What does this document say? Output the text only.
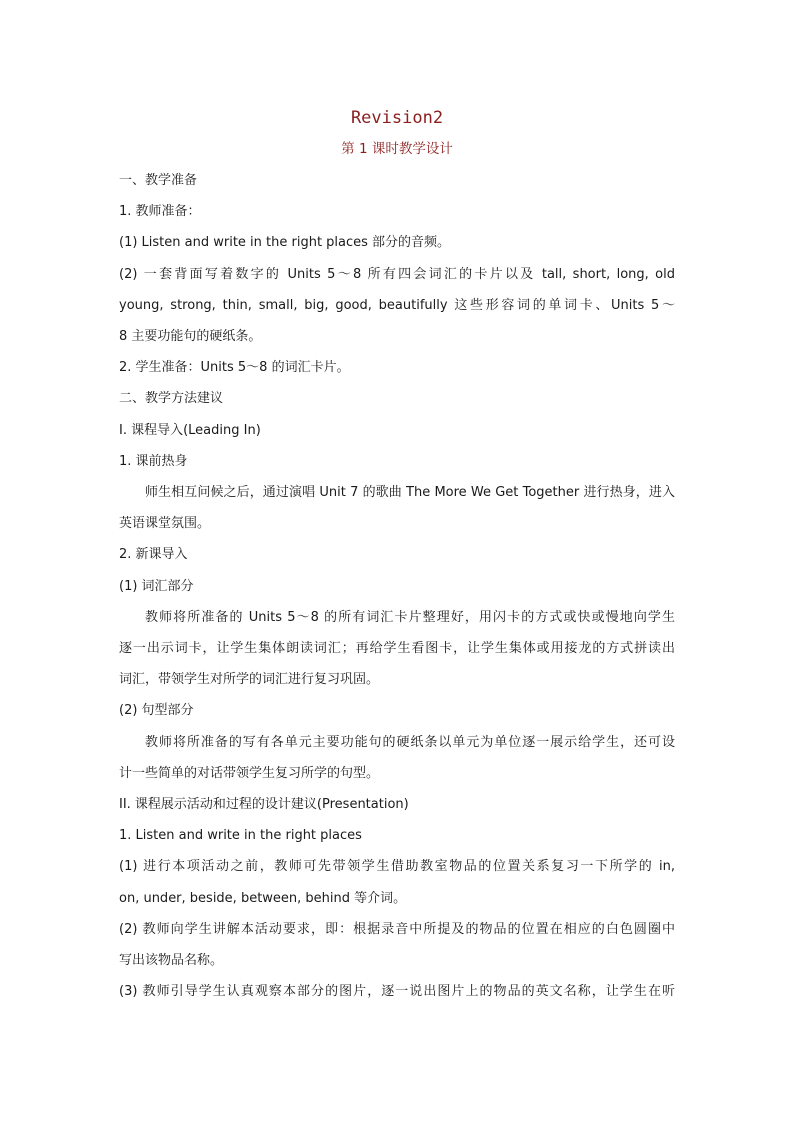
Revision2

第 1 课时教学设计

一、教学准备

1. 教师准备：

(1) Listen and write in the right places 部分的音频。

(2) 一套背面写着数字的 Units 5～8 所有四会词汇的卡片以及 tall, short, long, old

young, strong, thin, small, big, good, beautifully 这些形容词的单词卡、Units 5～

8 主要功能句的硬纸条。

2. 学生准备：Units 5～8 的词汇卡片。

二、教学方法建议

I. 课程导入(Leading In)

1. 课前热身

师生相互问候之后，通过演唱 Unit 7 的歌曲 The More We Get Together 进行热身，进入

英语课堂氛围。

2. 新课导入

(1) 词汇部分

教师将所准备的 Units 5～8 的所有词汇卡片整理好，用闪卡的方式或快或慢地向学生

逐一出示词卡，让学生集体朗读词汇；再给学生看图卡，让学生集体或用接龙的方式拼读出

词汇，带领学生对所学的词汇进行复习巩固。

(2) 句型部分

教师将所准备的写有各单元主要功能句的硬纸条以单元为单位逐一展示给学生，还可设

计一些简单的对话带领学生复习所学的句型。

II. 课程展示活动和过程的设计建议(Presentation)

1. Listen and write in the right places

(1) 进行本项活动之前，教师可先带领学生借助教室物品的位置关系复习一下所学的 in,

on, under, beside, between, behind 等介词。

(2) 教师向学生讲解本活动要求，即：根据录音中所提及的物品的位置在相应的白色圆圈中

写出该物品名称。

(3) 教师引导学生认真观察本部分的图片，逐一说出图片上的物品的英文名称，让学生在听
